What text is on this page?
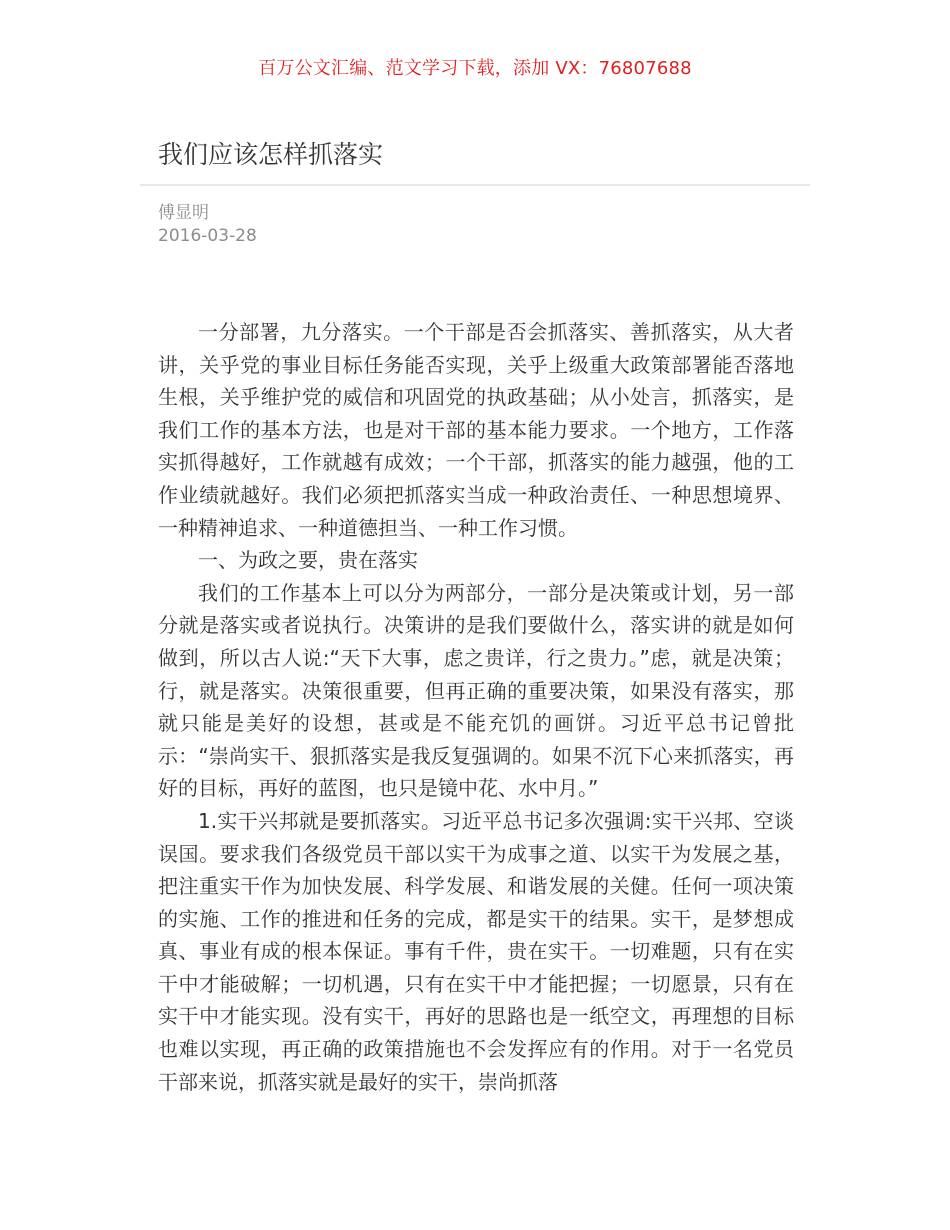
百万公文汇编、范文学习下载，添加 VX：76807688
我们应该怎样抓落实
傅显明
2016-03-28

一分部署，九分落实。一个干部是否会抓落实、善抓落实，从大者讲，关乎党的事业目标任务能否实现，关乎上级重大政策部署能否落地生根，关乎维护党的威信和巩固党的执政基础；从小处言，抓落实，是我们工作的基本方法，也是对干部的基本能力要求。一个地方，工作落实抓得越好，工作就越有成效；一个干部，抓落实的能力越强，他的工作业绩就越好。我们必须把抓落实当成一种政治责任、一种思想境界、一种精神追求、一种道德担当、一种工作习惯。

一、为政之要，贵在落实

我们的工作基本上可以分为两部分，一部分是决策或计划，另一部分就是落实或者说执行。决策讲的是我们要做什么，落实讲的就是如何做到，所以古人说:“天下大事，虑之贵详，行之贵力。”虑，就是决策；行，就是落实。决策很重要，但再正确的重要决策，如果没有落实，那就只能是美好的设想，甚或是不能充饥的画饼。习近平总书记曾批示：“崇尚实干、狠抓落实是我反复强调的。如果不沉下心来抓落实，再好的目标，再好的蓝图，也只是镜中花、水中月。”

1.实干兴邦就是要抓落实。习近平总书记多次强调:实干兴邦、空谈误国。要求我们各级党员干部以实干为成事之道、以实干为发展之基，把注重实干作为加快发展、科学发展、和谐发展的关健。任何一项决策的实施、工作的推进和任务的完成，都是实干的结果。实干，是梦想成真、事业有成的根本保证。事有千件，贵在实干。一切难题，只有在实干中才能破解；一切机遇，只有在实干中才能把握；一切愿景，只有在实干中才能实现。没有实干，再好的思路也是一纸空文，再理想的目标也难以实现，再正确的政策措施也不会发挥应有的作用。对于一名党员干部来说，抓落实就是最好的实干，崇尚抓落
